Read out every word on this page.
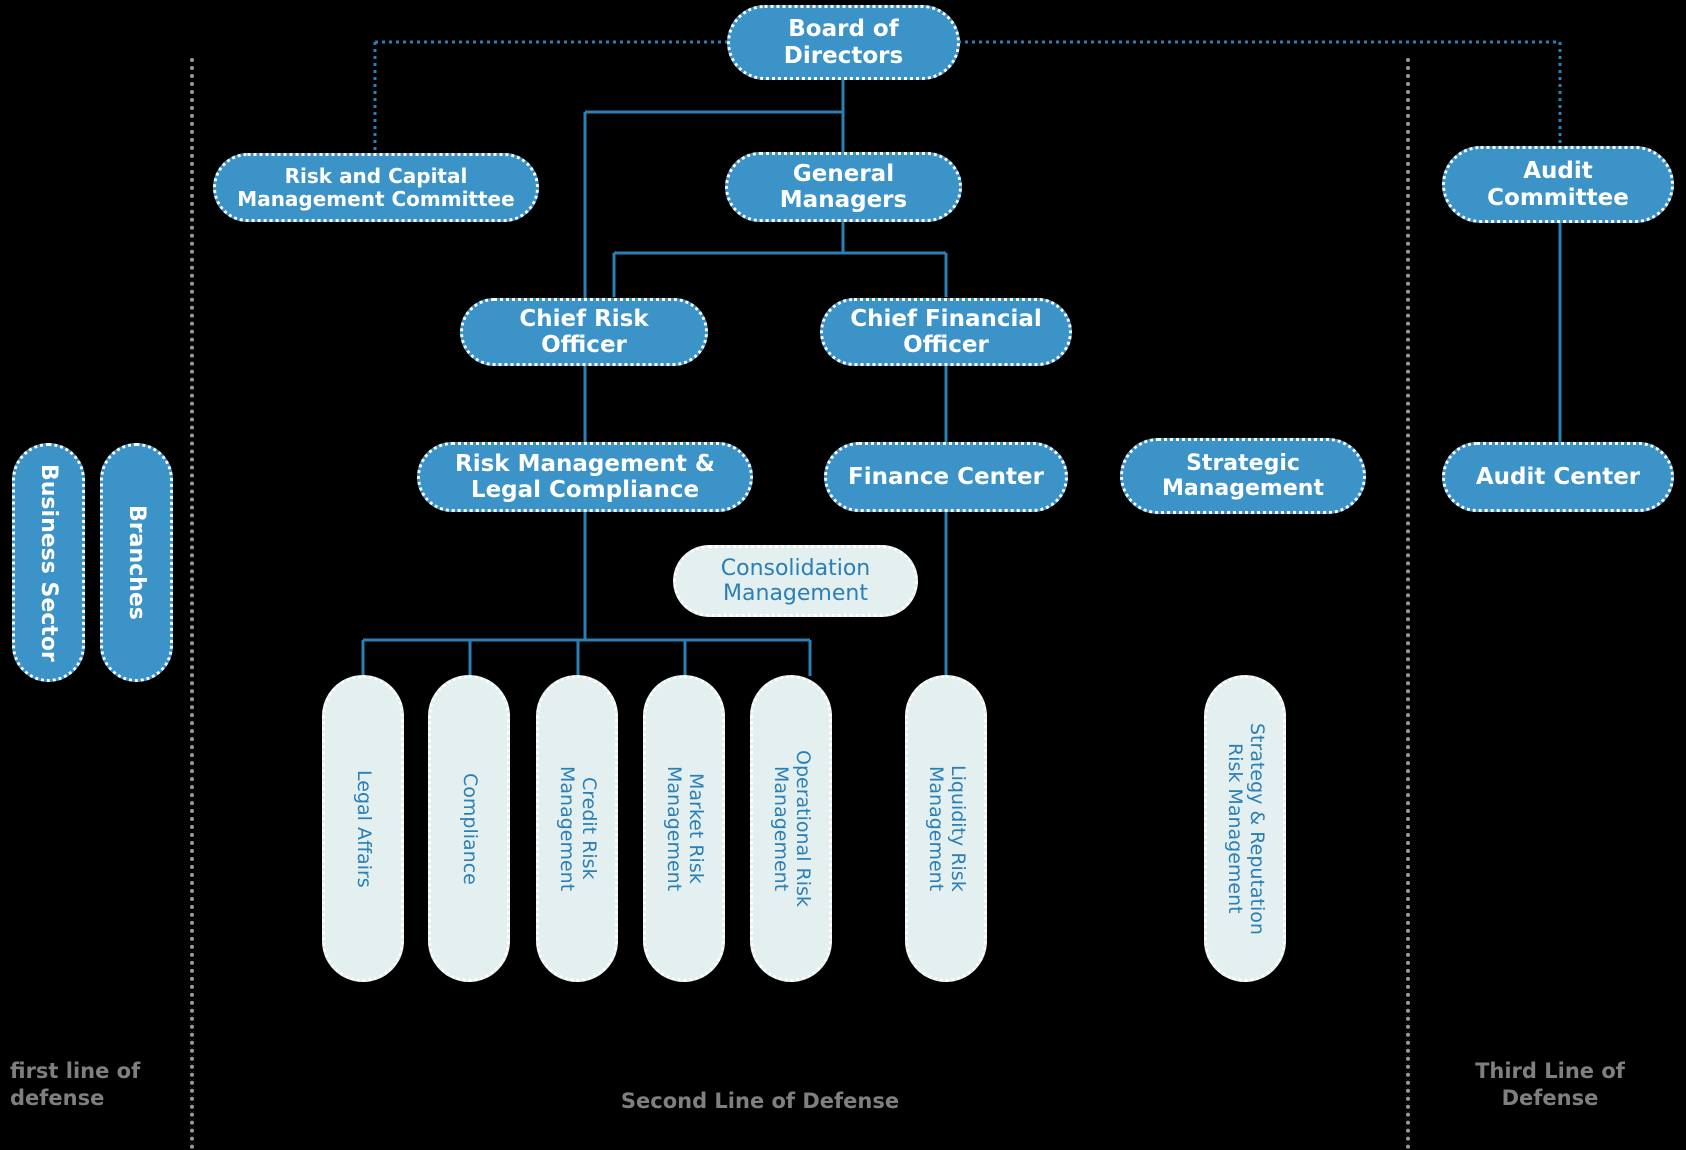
first line of defense	Second Line of Defense
Third Line of Defense
Board of
Directors
Risk and Capital
Management Committee
General
Managers
Audit
Committee
Chief Risk
Officer
Chief Financial
Officer
Risk Management &
Legal Compliance
Finance Center
Strategic
Management	Audit Center
Business Sector	Branches	Consolidation
Management
Legal Affairs	Compliance	Credit Risk
Management	Market Risk
Management	Operational Risk
Management	Liquidity Risk
Management	Strategy & Reputation
Risk Management
